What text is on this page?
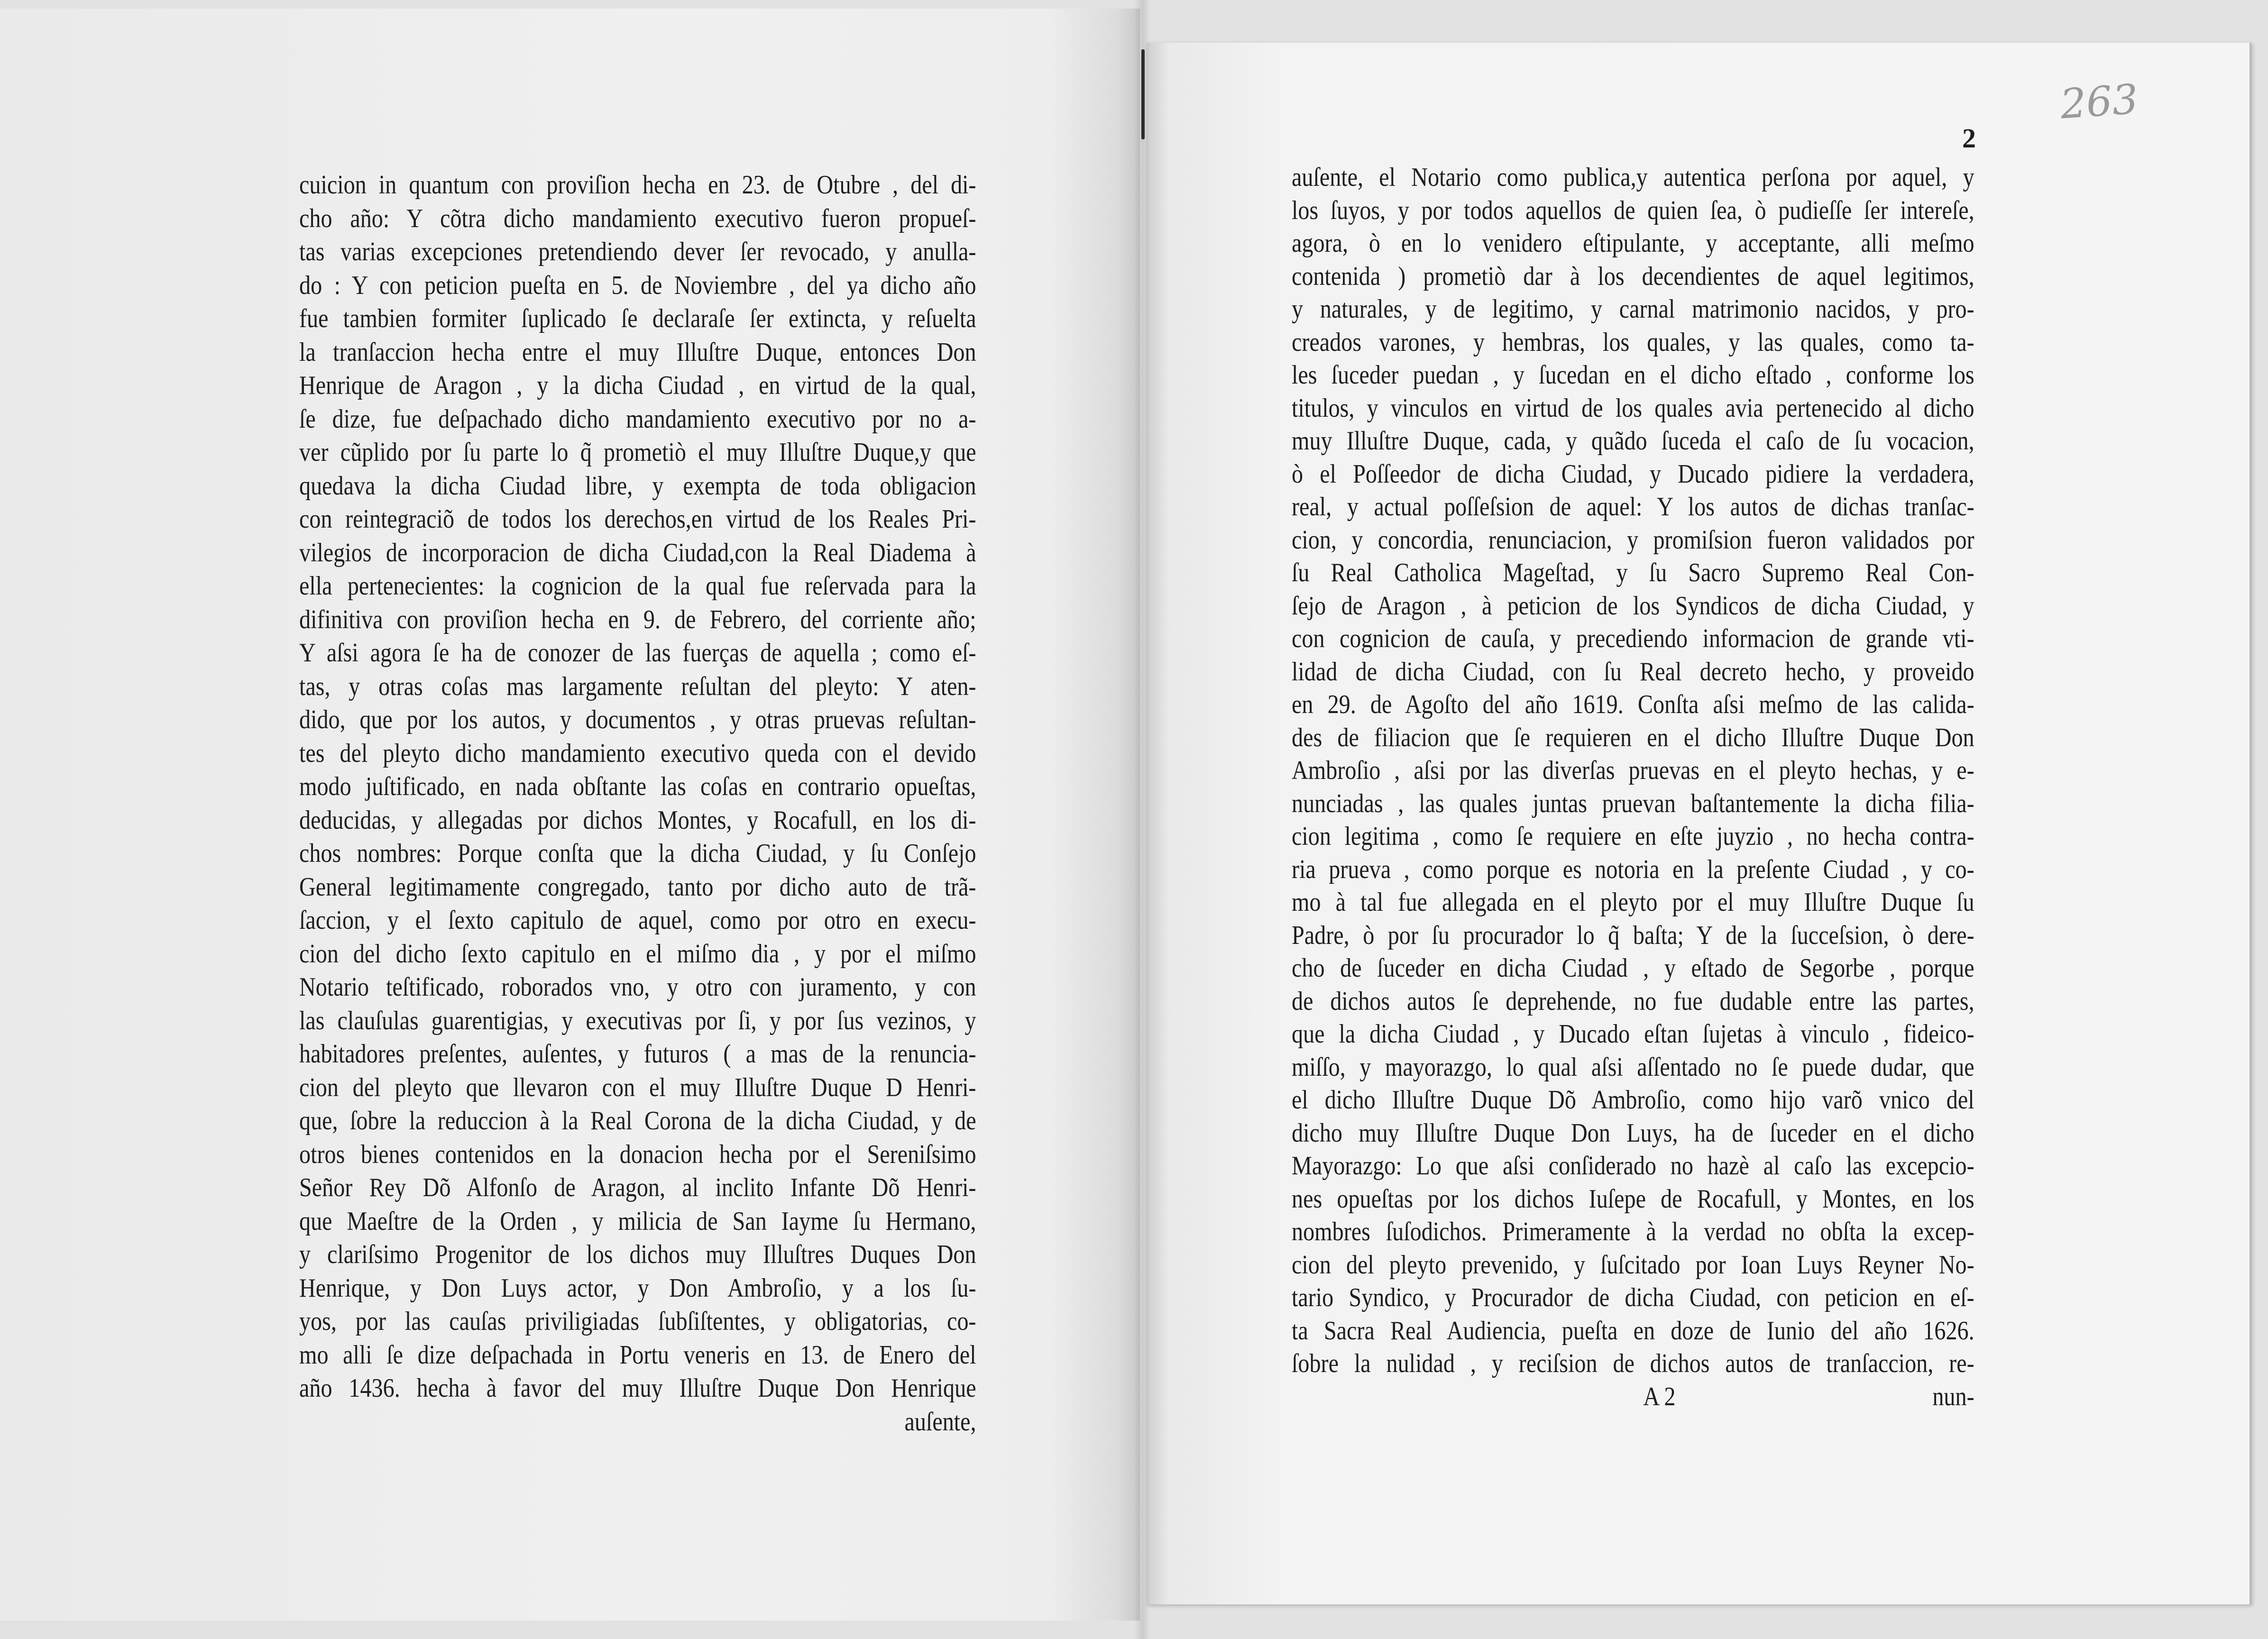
263
2
cuicion in quantum con proviſion hecha en 23. de Otubre , del di-
cho año: Y cõtra dicho mandamiento executivo fueron propueſ-
tas varias excepciones pretendiendo dever ſer revocado, y anulla-
do : Y con peticion pueſta en 5. de Noviembre , del ya dicho año
fue tambien formiter ſuplicado ſe declaraſe ſer extincta, y reſuelta
la tranſaccion hecha entre el muy Illuſtre Duque, entonces Don
Henrique de Aragon , y la dicha Ciudad , en virtud de la qual,
ſe dize, fue deſpachado dicho mandamiento executivo por no a-
ver cũplido por ſu parte lo q̃ prometiò el muy Illuſtre Duque,y que
quedava la dicha Ciudad libre, y exempta de toda obligacion
con reintegraciõ de todos los derechos,en virtud de los Reales Pri-
vilegios de incorporacion de dicha Ciudad,con la Real Diadema à
ella pertenecientes: la cognicion de la qual fue reſervada para la
difinitiva con proviſion hecha en 9. de Febrero, del corriente año;
Y aſsi agora ſe ha de conozer de las fuerças de aquella ; como eſ-
tas, y otras coſas mas largamente reſultan del pleyto: Y aten-
dido, que por los autos, y documentos , y otras pruevas reſultan-
tes del pleyto dicho mandamiento executivo queda con el devido
modo juſtificado, en nada obſtante las coſas en contrario opueſtas,
deducidas, y allegadas por dichos Montes, y Rocafull, en los di-
chos nombres: Porque conſta que la dicha Ciudad, y ſu Conſejo
General legitimamente congregado, tanto por dicho auto de trã-
ſaccion, y el ſexto capitulo de aquel, como por otro en execu-
cion del dicho ſexto capitulo en el miſmo dia , y por el miſmo
Notario teſtificado, roborados vno, y otro con juramento, y con
las clauſulas guarentigias, y executivas por ſi, y por ſus vezinos, y
habitadores preſentes, auſentes, y futuros ( a mas de la renuncia-
cion del pleyto que llevaron con el muy Illuſtre Duque D Henri-
que, ſobre la reduccion à la Real Corona de la dicha Ciudad, y de
otros bienes contenidos en la donacion hecha por el Sereniſsimo
Señor Rey Dõ Alfonſo de Aragon, al inclito Infante Dõ Henri-
que Maeſtre de la Orden , y milicia de San Iayme ſu Hermano,
y clariſsimo Progenitor de los dichos muy Illuſtres Duques Don
Henrique, y Don Luys actor, y Don Ambroſio, y a los ſu-
yos, por las cauſas priviligiadas ſubſiſtentes, y obligatorias, co-
mo alli ſe dize deſpachada in Portu veneris en 13. de Enero del
año 1436. hecha à favor del muy Illuſtre Duque Don Henrique
auſente,
auſente, el Notario como publica,y autentica perſona por aquel, y
los ſuyos, y por todos aquellos de quien ſea, ò pudieſſe ſer intereſe,
agora, ò en lo venidero eſtipulante, y acceptante, alli meſmo
contenida ) prometiò dar à los decendientes de aquel legitimos,
y naturales, y de legitimo, y carnal matrimonio nacidos, y pro-
creados varones, y hembras, los quales, y las quales, como ta-
les ſuceder puedan , y ſucedan en el dicho eſtado , conforme los
titulos, y vinculos en virtud de los quales avia pertenecido al dicho
muy Illuſtre Duque, cada, y quãdo ſuceda el caſo de ſu vocacion,
ò el Poſſeedor de dicha Ciudad, y Ducado pidiere la verdadera,
real, y actual poſſeſsion de aquel: Y los autos de dichas tranſac-
cion, y concordia, renunciacion, y promiſsion fueron validados por
ſu Real Catholica Mageſtad, y ſu Sacro Supremo Real Con-
ſejo de Aragon , à peticion de los Syndicos de dicha Ciudad, y
con cognicion de cauſa, y precediendo informacion de grande vti-
lidad de dicha Ciudad, con ſu Real decreto hecho, y proveido
en 29. de Agoſto del año 1619. Conſta aſsi meſmo de las calida-
des de filiacion que ſe requieren en el dicho Illuſtre Duque Don
Ambroſio , aſsi por las diverſas pruevas en el pleyto hechas, y e-
nunciadas , las quales juntas pruevan baſtantemente la dicha filia-
cion legitima , como ſe requiere en eſte juyzio , no hecha contra-
ria prueva , como porque es notoria en la preſente Ciudad , y co-
mo à tal fue allegada en el pleyto por el muy Illuſtre Duque ſu
Padre, ò por ſu procurador lo q̃ baſta; Y de la ſucceſsion, ò dere-
cho de ſuceder en dicha Ciudad , y eſtado de Segorbe , porque
de dichos autos ſe deprehende, no fue dudable entre las partes,
que la dicha Ciudad , y Ducado eſtan ſujetas à vinculo , fideico-
miſſo, y mayorazgo, lo qual aſsi aſſentado no ſe puede dudar, que
el dicho Illuſtre Duque Dõ Ambroſio, como hijo varõ vnico del
dicho muy Illuſtre Duque Don Luys, ha de ſuceder en el dicho
Mayorazgo: Lo que aſsi conſiderado no hazè al caſo las excepcio-
nes opueſtas por los dichos Iuſepe de Rocafull, y Montes, en los
nombres ſuſodichos. Primeramente à la verdad no obſta la excep-
cion del pleyto prevenido, y ſuſcitado por Ioan Luys Reyner No-
tario Syndico, y Procurador de dicha Ciudad, con peticion en eſ-
ta Sacra Real Audiencia, pueſta en doze de Iunio del año 1626.
ſobre la nulidad , y reciſsion de dichos autos de tranſaccion, re-
A 2	nun-
